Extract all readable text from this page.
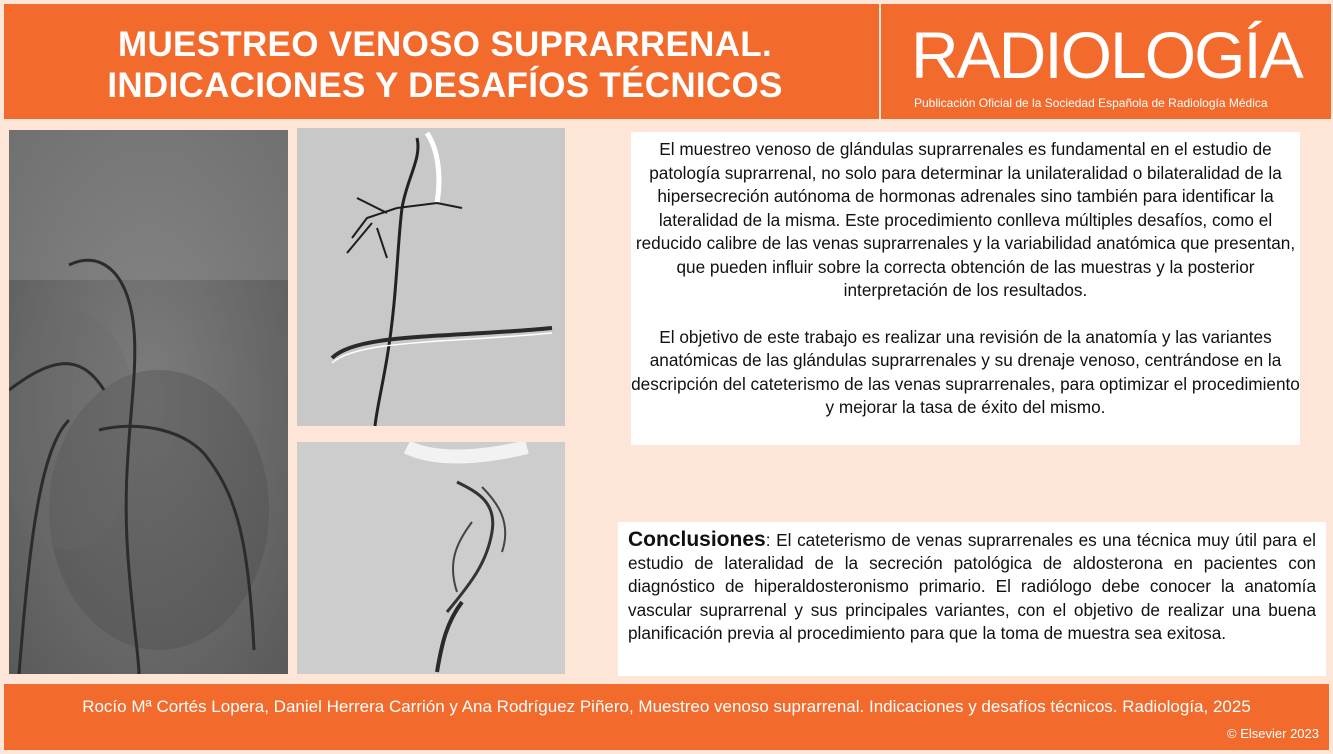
MUESTREO VENOSO SUPRARRENAL.
INDICACIONES Y DESAFÍOS TÉCNICOS	RADIOLOGÍA
Publicación Oficial de la Sociedad Española de Radiología Médica

El muestreo venoso de glándulas suprarrenales es fundamental en el estudio de patología suprarrenal, no solo para determinar la unilateralidad o bilateralidad de la hipersecreción autónoma de hormonas adrenales sino también para identificar la lateralidad de la misma. Este procedimiento conlleva múltiples desafíos, como el reducido calibre de las venas suprarrenales y la variabilidad anatómica que presentan, que pueden influir sobre la correcta obtención de las muestras y la posterior interpretación de los resultados.

El objetivo de este trabajo es realizar una revisión de la anatomía y las variantes anatómicas de las glándulas suprarrenales y su drenaje venoso, centrándose en la descripción del cateterismo de las venas suprarrenales, para optimizar el procedimiento y mejorar la tasa de éxito del mismo.

Conclusiones: El cateterismo de venas suprarrenales es una técnica muy útil para el estudio de lateralidad de la secreción patológica de aldosterona en pacientes con diagnóstico de hiperaldosteronismo primario. El radiólogo debe conocer la anatomía vascular suprarrenal y sus principales variantes, con el objetivo de realizar una buena planificación previa al procedimiento para que la toma de muestra sea exitosa.
Rocío Mª Cortés Lopera, Daniel Herrera Carrión y Ana Rodríguez Piñero, Muestreo venoso suprarrenal. Indicaciones y desafíos técnicos. Radiología, 2025
© Elsevier 2023
